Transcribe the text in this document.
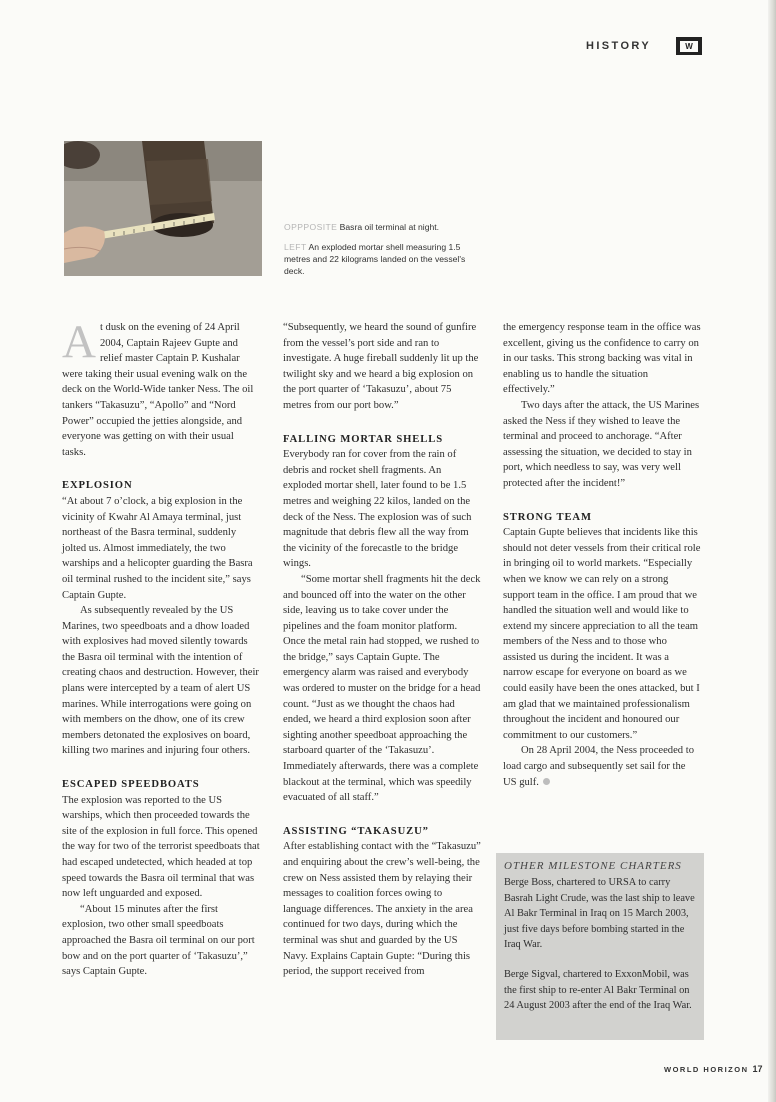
HISTORY	W

OPPPOSITE Basra oil terminal at night.

LEFT An exploded mortar shell measuring 1.5 metres and 22 kilograms landed on the vessel's deck.

At dusk on the evening of 24 April 2004, Captain Rajeev Gupte and relief master Captain P. Kushalar were taking their usual evening walk on the deck on the World-Wide tanker Ness. The oil tankers “Takasuzu”, “Apollo” and “Nord Power” occupied the jetties alongside, and everyone was getting on with their usual tasks.

EXPLOSION

“At about 7 o’clock, a big explosion in the vicinity of Kwahr Al Amaya terminal, just northeast of the Basra terminal, suddenly jolted us. Almost immediately, the two warships and a helicopter guarding the Basra oil terminal rushed to the incident site,” says Captain Gupte.

As subsequently revealed by the US Marines, two speedboats and a dhow loaded with explosives had moved silently towards the Basra oil terminal with the intention of creating chaos and destruction. However, their plans were intercepted by a team of alert US marines. While interrogations were going on with members on the dhow, one of its crew members detonated the explosives on board, killing two marines and injuring four others.

ESCAPED SPEEDBOATS

The explosion was reported to the US warships, which then proceeded towards the site of the explosion in full force. This opened the way for two of the terrorist speedboats that had escaped undetected, which headed at top speed towards the Basra oil terminal that was now left unguarded and exposed.

“About 15 minutes after the first explosion, two other small speedboats approached the Basra oil terminal on our port bow and on the port quarter of ‘Takasuzu’,” says Captain Gupte.

“Subsequently, we heard the sound of gunfire from the vessel’s port side and ran to investigate. A huge fireball suddenly lit up the twilight sky and we heard a big explosion on the port quarter of ‘Takasuzu’, about 75 metres from our port bow.”

FALLING MORTAR SHELLS

Everybody ran for cover from the rain of debris and rocket shell fragments. An exploded mortar shell, later found to be 1.5 metres and weighing 22 kilos, landed on the deck of the Ness. The explosion was of such magnitude that debris flew all the way from the vicinity of the forecastle to the bridge wings.

“Some mortar shell fragments hit the deck and bounced off into the water on the other side, leaving us to take cover under the pipelines and the foam monitor platform. Once the metal rain had stopped, we rushed to the bridge,” says Captain Gupte. The emergency alarm was raised and everybody was ordered to muster on the bridge for a head count. “Just as we thought the chaos had ended, we heard a third explosion soon after sighting another speedboat approaching the starboard quarter of the ‘Takasuzu’. Immediately afterwards, there was a complete blackout at the terminal, which was speedily evacuated of all staff.”

ASSISTING “TAKASUZU”

After establishing contact with the “Takasuzu” and enquiring about the crew’s well-being, the crew on Ness assisted them by relaying their messages to coalition forces owing to language differences. The anxiety in the area continued for two days, during which the terminal was shut and guarded by the US Navy. Explains Captain Gupte: “During this period, the support received from

the emergency response team in the office was excellent, giving us the confidence to carry on in our tasks. This strong backing was vital in enabling us to handle the situation effectively.”

Two days after the attack, the US Marines asked the Ness if they wished to leave the terminal and proceed to anchorage. “After assessing the situation, we decided to stay in port, which needless to say, was very well protected after the incident!”

STRONG TEAM

Captain Gupte believes that incidents like this should not deter vessels from their critical role in bringing oil to world markets. “Especially when we know we can rely on a strong support team in the office. I am proud that we handled the situation well and would like to extend my sincere appreciation to all the team members of the Ness and to those who assisted us during the incident. It was a narrow escape for everyone on board as we could easily have been the ones attacked, but I am glad that we maintained professionalism throughout the incident and honoured our commitment to our customers.”

On 28 April 2004, the Ness proceeded to load cargo and subsequently set sail for the US gulf.

OTHER MILESTONE CHARTERS

Berge Boss, chartered to URSA to carry Basrah Light Crude, was the last ship to leave Al Bakr Terminal in Iraq on 15 March 2003, just five days before bombing started in the Iraq War.

Berge Sigval, chartered to ExxonMobil, was the first ship to re-enter Al Bakr Terminal on 24 August 2003 after the end of the Iraq War.

WORLD HORIZON 17
